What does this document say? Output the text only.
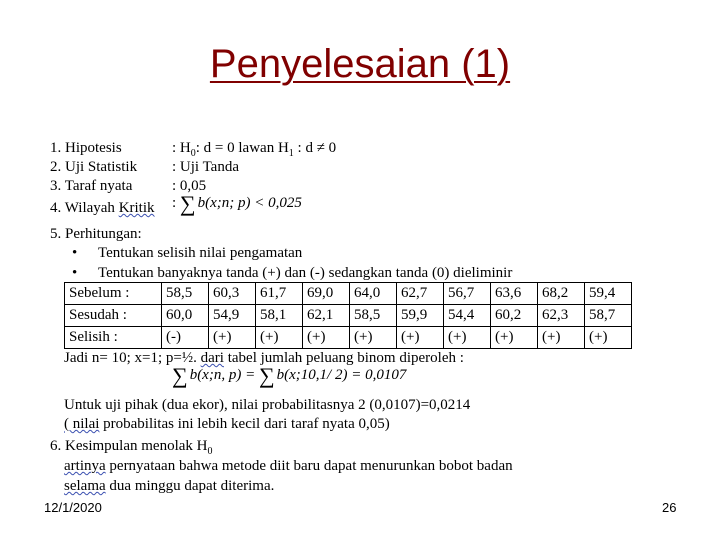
Penyelesaian (1)
1. Hipotesis	: $H_0$: d = 0 lawan $H_1$ : d ≠ 0
2. Uji Statistik : Uji Tanda
3. Taraf nyata	: 0,05
4. Wilayah Kritik : ∑ b(x;n; p) < 0,025
5. Perhitungan:
• Tentukan selisih nilai pengamatan
• Tentukan banyaknya tanda (+) dan (-) sedangkan tanda (0) dieliminir
Sebelum :	58,5	60,3	61,7	69,0	64,0	62,7	56,7	63,6	68,2	59,4
Sesudah :	60,0	54,9	58,1	62,1	58,5	59,9	54,4	60,2	62,3	58,7
Selisih :	(-)	(+)	(+)	(+)	(+)	(+)	(+)	(+)	(+)	(+)
Jadi n= 10; x=1; p=½. dari tabel jumlah peluang binom diperoleh :
∑ b(x;n, p) = ∑ b(x;10,1/ 2) = 0,0107
Untuk uji pihak (dua ekor), nilai probabilitasnya 2 (0,0107)=0,0214
( nilai probabilitas ini lebih kecil dari taraf nyata 0,05)
6. Kesimpulan menolak $H_0$
artinya pernyataan bahwa metode diit baru dapat menurunkan bobot badan
selama dua minggu dapat diterima.
12/1/2020	26
